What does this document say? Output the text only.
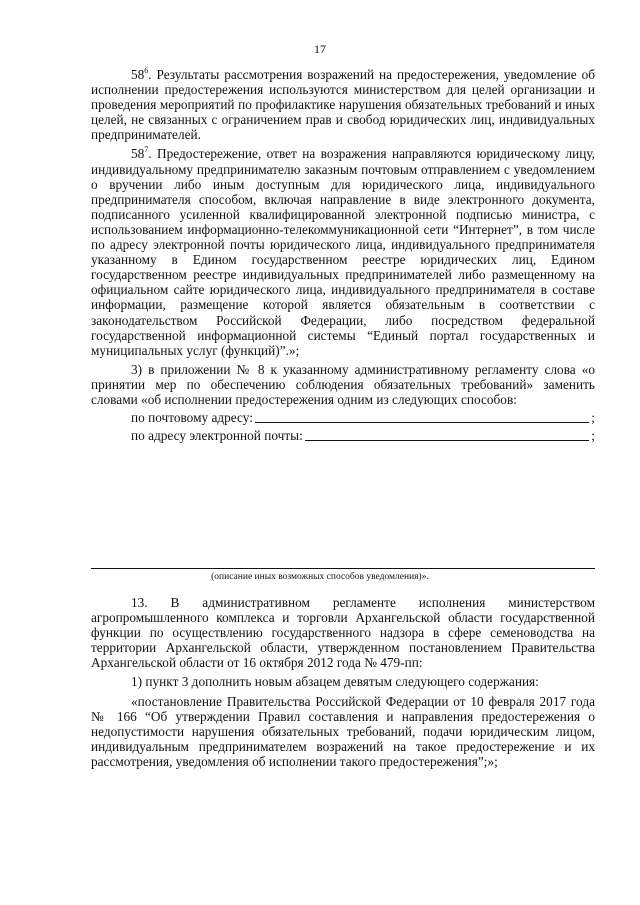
17

$58^6$. Результаты рассмотрения возражений на предостережения, уведомление об исполнении предостережения используются министерством для целей организации и проведения мероприятий по профилактике нарушения обязательных требований и иных целей, не связанных с ограничением прав и свобод юридических лиц, индивидуальных предпринимателей.

$58^7$. Предостережение, ответ на возражения направляются юридическому лицу, индивидуальному предпринимателю заказным почтовым отправлением с уведомлением о вручении либо иным доступным для юридического лица, индивидуального предпринимателя способом, включая направление в виде электронного документа, подписанного усиленной квалифицированной электронной подписью министра, с использованием информационно-телекоммуникационной сети “Интернет”, в том числе по адресу электронной почты юридического лица, индивидуального предпринимателя указанному в Едином государственном реестре юридических лиц, Едином государственном реестре индивидуальных предпринимателей либо размещенному на официальном сайте юридического лица, индивидуального предпринимателя в составе информации, размещение которой является обязательным в соответствии с законодательством Российской Федерации, либо посредством федеральной государственной информационной системы “Единый портал государственных и муниципальных услуг (функций)”.»;

3) в приложении № 8 к указанному административному регламенту слова «о принятии мер по обеспечению соблюдения обязательных требований» заменить словами «об исполнении предостережения одним из следующих способов:

по почтовому адресу:	;
по адресу электронной почты:	;
(описание иных возможных способов уведомления)».

13. В административном регламенте исполнения министерством агропромышленного комплекса и торговли Архангельской области государственной функции по осуществлению государственного надзора в сфере семеноводства на территории Архангельской области, утвержденном постановлением Правительства Архангельской области от 16 октября 2012 года № 479-пп:

1) пункт 3 дополнить новым абзацем девятым следующего содержания:

«постановление Правительства Российской Федерации от 10 февраля 2017 года № 166 “Об утверждении Правил составления и направления предостережения о недопустимости нарушения обязательных требований, подачи юридическим лицом, индивидуальным предпринимателем возражений на такое предостережение и их рассмотрения, уведомления об исполнении такого предостережения”;»;
